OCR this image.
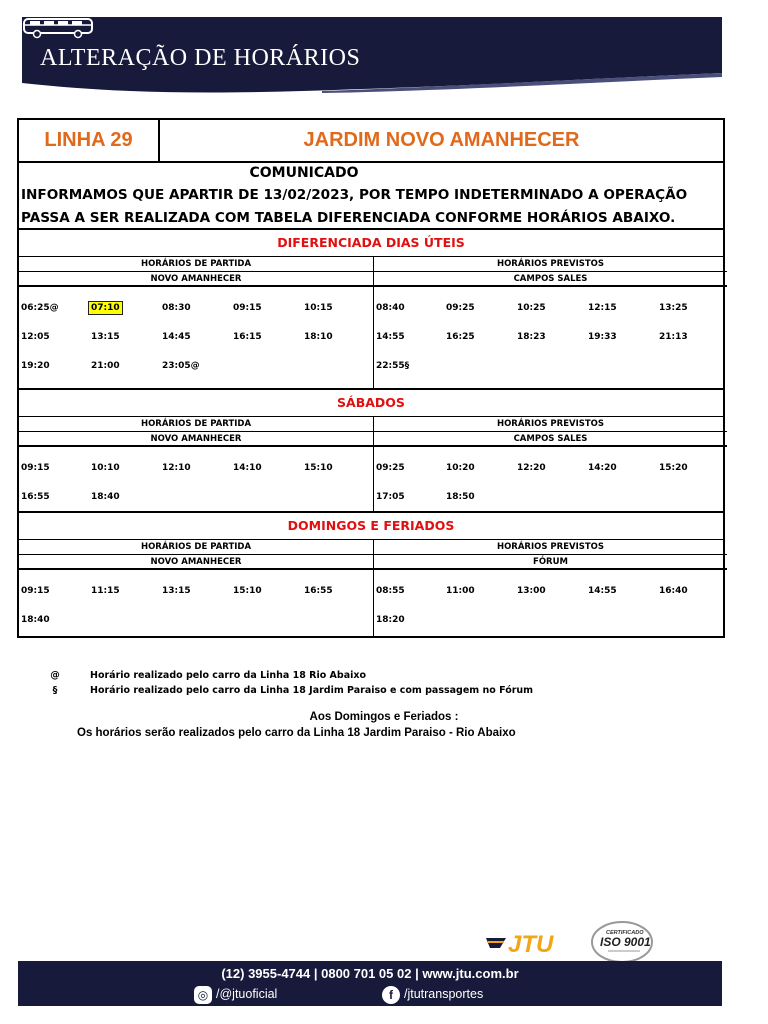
ALTERAÇÃO DE HORÁRIOS
LINHA 29	JARDIM NOVO AMANHECER
COMUNICADO
INFORMAMOS QUE APARTIR DE 13/02/2023, POR TEMPO INDETERMINADO A OPERAÇÃO PASSA A SER REALIZADA COM TABELA DIFERENCIADA CONFORME HORÁRIOS ABAIXO.
DIFERENCIADA DIAS ÚTEIS
HORÁRIOS DE PARTIDA
NOVO AMANHECER
06:25@	07:10	08:30	09:15	10:15
12:05	13:15	14:45	16:15	18:10
19:20	21:00	23:05@
HORÁRIOS PREVISTOS
CAMPOS SALES
08:40	09:25	10:25	12:15	13:25
14:55	16:25	18:23	19:33	21:13
22:55§
SÁBADOS
HORÁRIOS DE PARTIDA
NOVO AMANHECER
09:15	10:10	12:10	14:10	15:10
16:55	18:40
HORÁRIOS PREVISTOS
CAMPOS SALES
09:25	10:20	12:20	14:20	15:20
17:05	18:50
DOMINGOS E FERIADOS
HORÁRIOS DE PARTIDA
NOVO AMANHECER
09:15	11:15	13:15	15:10	16:55
18:40
HORÁRIOS PREVISTOS
FÓRUM
08:55	11:00	13:00	14:55	16:40
18:20
@	Horário realizado pelo carro da Linha 18 Rio Abaixo
§	Horário realizado pelo carro da Linha 18 Jardim Paraiso e com passagem no Fórum
Aos Domingos e Feriados :
Os horários serão realizados pelo carro da Linha 18 Jardim Paraiso - Rio Abaixo
JTU	CERTIFICADO
ISO 9001
(12) 3955-4744 | 0800 701 05 02 | www.jtu.com.br
◎ /@jtuoficial	f /jtutransportes
